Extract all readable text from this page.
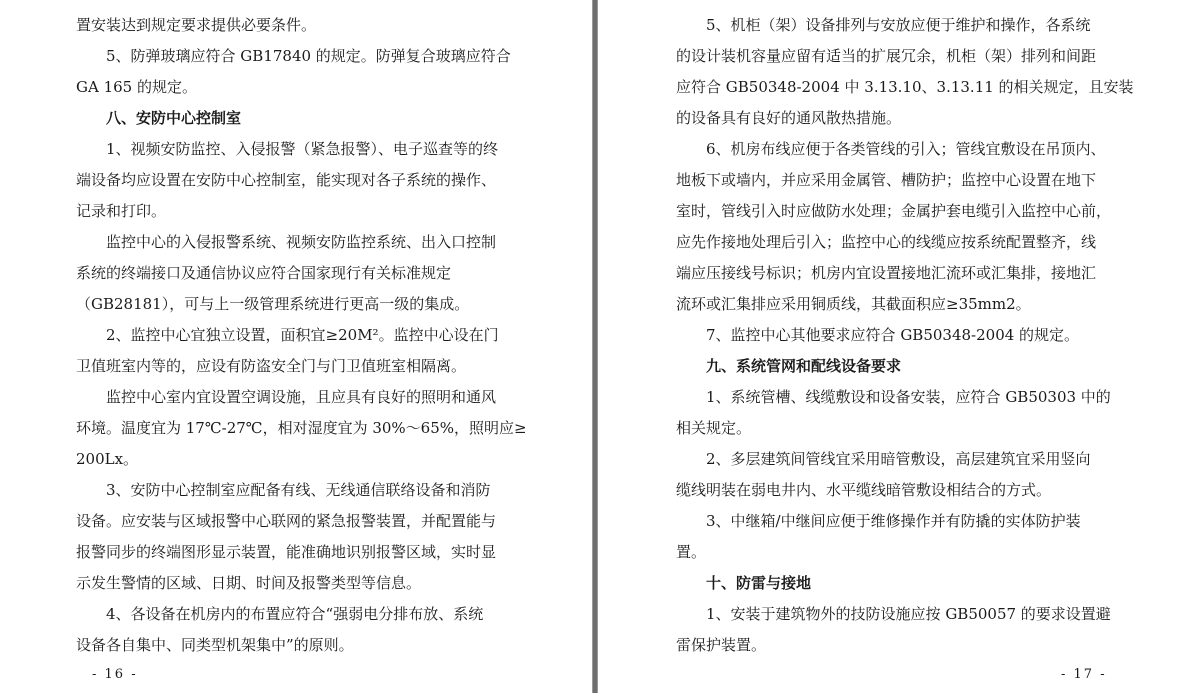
置安装达到规定要求提供必要条件。
5、防弹玻璃应符合 GB17840 的规定。防弹复合玻璃应符合
GA 165 的规定。
八、安防中心控制室
1、视频安防监控、入侵报警（紧急报警）、电子巡查等的终
端设备均应设置在安防中心控制室，能实现对各子系统的操作、
记录和打印。
监控中心的入侵报警系统、视频安防监控系统、出入口控制
系统的终端接口及通信协议应符合国家现行有关标准规定
（GB28181），可与上一级管理系统进行更高一级的集成。
2、监控中心宜独立设置，面积宜≥20M²。监控中心设在门
卫值班室内等的，应设有防盗安全门与门卫值班室相隔离。
监控中心室内宜设置空调设施，且应具有良好的照明和通风
环境。温度宜为 17℃-27℃，相对湿度宜为 30%～65%，照明应≥
200Lx。
3、安防中心控制室应配备有线、无线通信联络设备和消防
设备。应安装与区域报警中心联网的紧急报警装置，并配置能与
报警同步的终端图形显示装置，能准确地识别报警区域，实时显
示发生警情的区域、日期、时间及报警类型等信息。
4、各设备在机房内的布置应符合“强弱电分排布放、系统
设备各自集中、同类型机架集中”的原则。
- 16 -
5、机柜（架）设备排列与安放应便于维护和操作，各系统
的设计装机容量应留有适当的扩展冗余，机柜（架）排列和间距
应符合 GB50348-2004 中 3.13.10、3.13.11 的相关规定，且安装
的设备具有良好的通风散热措施。
6、机房布线应便于各类管线的引入；管线宜敷设在吊顶内、
地板下或墙内，并应采用金属管、槽防护；监控中心设置在地下
室时，管线引入时应做防水处理；金属护套电缆引入监控中心前，
应先作接地处理后引入；监控中心的线缆应按系统配置整齐，线
端应压接线号标识；机房内宜设置接地汇流环或汇集排，接地汇
流环或汇集排应采用铜质线，其截面积应≥35mm2。
7、监控中心其他要求应符合 GB50348-2004 的规定。
九、系统管网和配线设备要求
1、系统管槽、线缆敷设和设备安装，应符合 GB50303 中的
相关规定。
2、多层建筑间管线宜采用暗管敷设，高层建筑宜采用竖向
缆线明装在弱电井内、水平缆线暗管敷设相结合的方式。
3、中继箱/中继间应便于维修操作并有防撬的实体防护装
置。
十、防雷与接地
1、安装于建筑物外的技防设施应按 GB50057 的要求设置避
雷保护装置。
- 17 -
